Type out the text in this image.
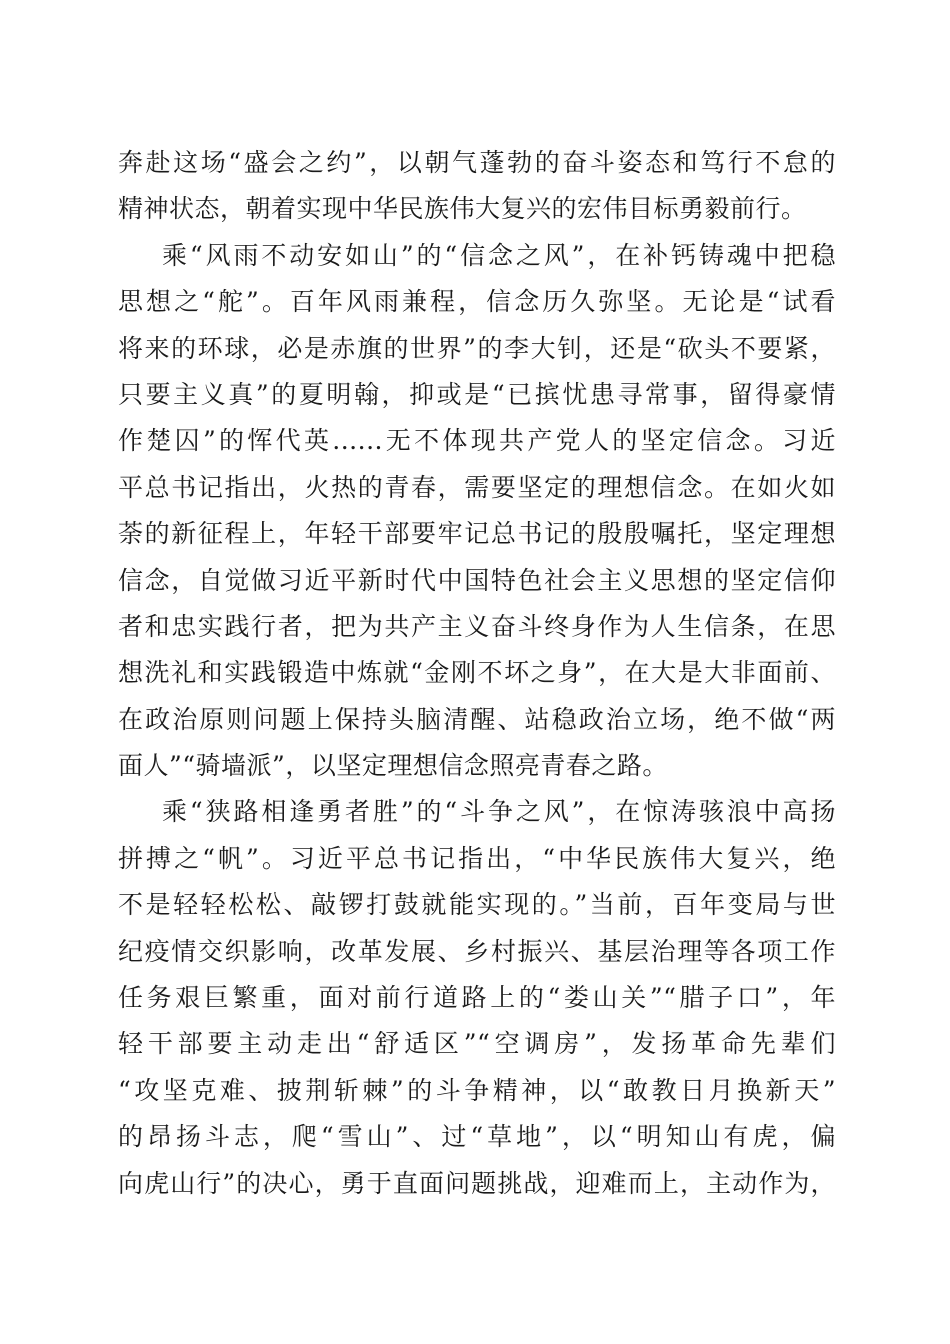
奔赴这场“盛会之约”，以朝气蓬勃的奋斗姿态和笃行不怠的
精神状态，朝着实现中华民族伟大复兴的宏伟目标勇毅前行。
乘“风雨不动安如山”的“信念之风”，在补钙铸魂中把稳
思想之“舵”。百年风雨兼程，信念历久弥坚。无论是“试看
将来的环球，必是赤旗的世界”的李大钊，还是“砍头不要紧，
只要主义真”的夏明翰，抑或是“已摈忧患寻常事，留得豪情
作楚囚”的恽代英......无不体现共产党人的坚定信念。习近
平总书记指出，火热的青春，需要坚定的理想信念。在如火如
荼的新征程上，年轻干部要牢记总书记的殷殷嘱托，坚定理想
信念，自觉做习近平新时代中国特色社会主义思想的坚定信仰
者和忠实践行者，把为共产主义奋斗终身作为人生信条，在思
想洗礼和实践锻造中炼就“金刚不坏之身”，在大是大非面前、
在政治原则问题上保持头脑清醒、站稳政治立场，绝不做“两
面人”“骑墙派”，以坚定理想信念照亮青春之路。
乘“狭路相逢勇者胜”的“斗争之风”，在惊涛骇浪中高扬
拼搏之“帆”。习近平总书记指出，“中华民族伟大复兴，绝
不是轻轻松松、敲锣打鼓就能实现的。”当前，百年变局与世
纪疫情交织影响，改革发展、乡村振兴、基层治理等各项工作
任务艰巨繁重，面对前行道路上的“娄山关”“腊子口”，年
轻干部要主动走出“舒适区”“空调房”，发扬革命先辈们
“攻坚克难、披荆斩棘”的斗争精神，以“敢教日月换新天”
的昂扬斗志，爬“雪山”、过“草地”，以“明知山有虎，偏
向虎山行”的决心，勇于直面问题挑战，迎难而上，主动作为，
